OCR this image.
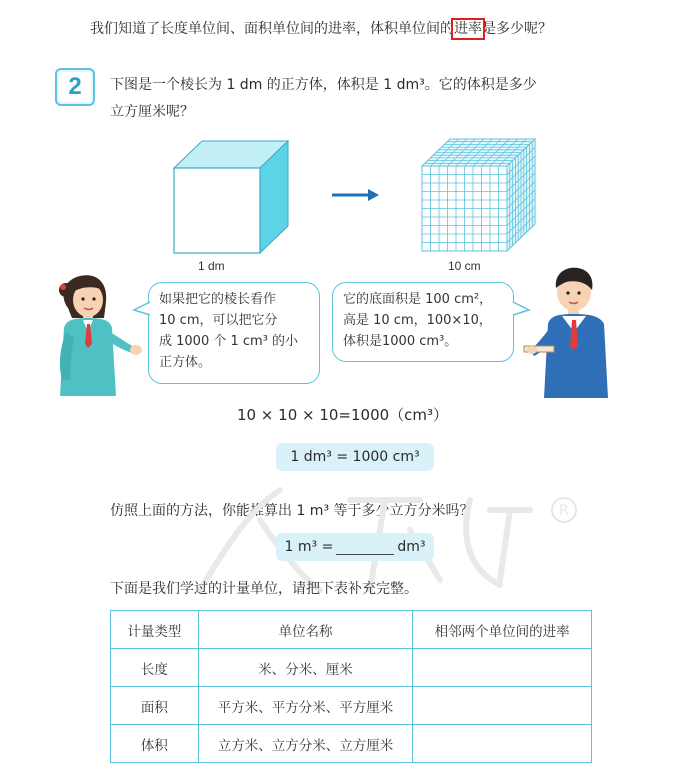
我们知道了长度单位间、面积单位间的进率，体积单位间的进率是多少呢？
2	下图是一个棱长为 1 dm 的正方体，体积是 1 dm³。它的体积是多少
立方厘米呢？
1 dm	10 cm
如果把它的棱长看作
10 cm，可以把它分
成 1000 个 1 cm³ 的小
正方体。
它的底面积是 100 cm²，
高是 10 cm，100×10，
体积是1000 cm³。
10 × 10 × 10=1000（cm³）
1 dm³ = 1000 cm³
仿照上面的方法，你能推算出 1 m³ 等于多少立方分米吗？	R
1 m³ =	dm³
下面是我们学过的计量单位，请把下表补充完整。
计量类型	单位名称	相邻两个单位间的进率
长度	米、分米、厘米	
面积	平方米、平方分米、平方厘米	
体积	立方米、立方分米、立方厘米	
